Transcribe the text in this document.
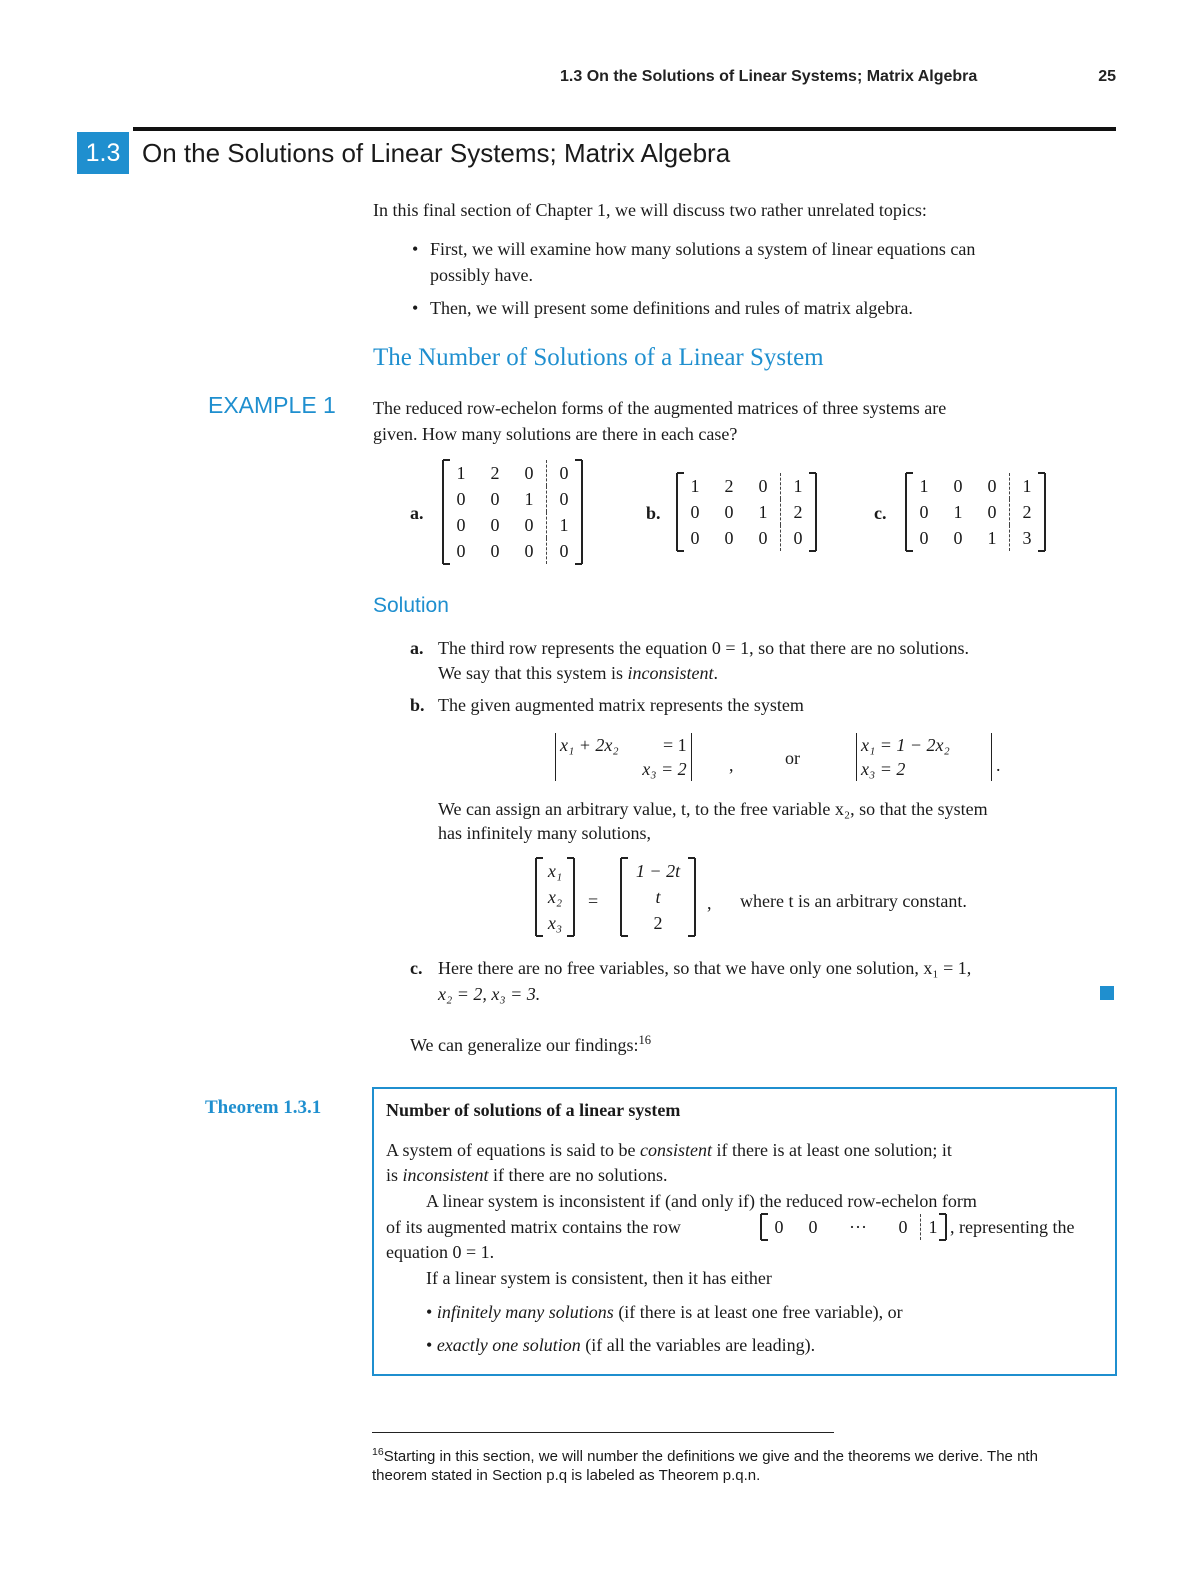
1.3 On the Solutions of Linear Systems; Matrix Algebra	25
1.3 On the Solutions of Linear Systems; Matrix Algebra
In this final section of Chapter 1, we will discuss two rather unrelated topics:
• First, we will examine how many solutions a system of linear equations can
possibly have.
• Then, we will present some definitions and rules of matrix algebra.
The Number of Solutions of a Linear System
EXAMPLE 1 The reduced row-echelon forms of the augmented matrices of three systems are
given. How many solutions are there in each case?
a.
1	2	0	0
0	0	1	0
0	0	0	1
0	0	0	0
b.
1	2	0	1
0	0	1	2
0	0	0	0
c.
1	0	0	1
0	1	0	2
0	0	1	3
Solution
a. The third row represents the equation 0 = 1, so that there are no solutions.
We say that this system is inconsistent.
b. The given augmented matrix represents the system
x₁ + 2x₂	= 1
x₃ = 2 ,	or
x₁ = 1 − 2x₂
x₃ = 2	.
We can assign an arbitrary value, t, to the free variable x₂, so that the system
has infinitely many solutions,
x₁
x₂
x₃
=
1 − 2t
t
2
, where t is an arbitrary constant.
c. Here there are no free variables, so that we have only one solution, x₁ = 1,
x₂ = 2, x₃ = 3.
We can generalize our findings:$^{16}$
Theorem 1.3.1	Number of solutions of a linear system
A system of equations is said to be consistent if there is at least one solution; it
is inconsistent if there are no solutions.
A linear system is inconsistent if (and only if) the reduced row-echelon form
of its augmented matrix contains the row	0	0	···	0	1 , representing the
equation 0 = 1.
If a linear system is consistent, then it has either
• infinitely many solutions (if there is at least one free variable), or
• exactly one solution (if all the variables are leading).
$^{16}$Starting in this section, we will number the definitions we give and the theorems we derive. The nth
theorem stated in Section p.q is labeled as Theorem p.q.n.
